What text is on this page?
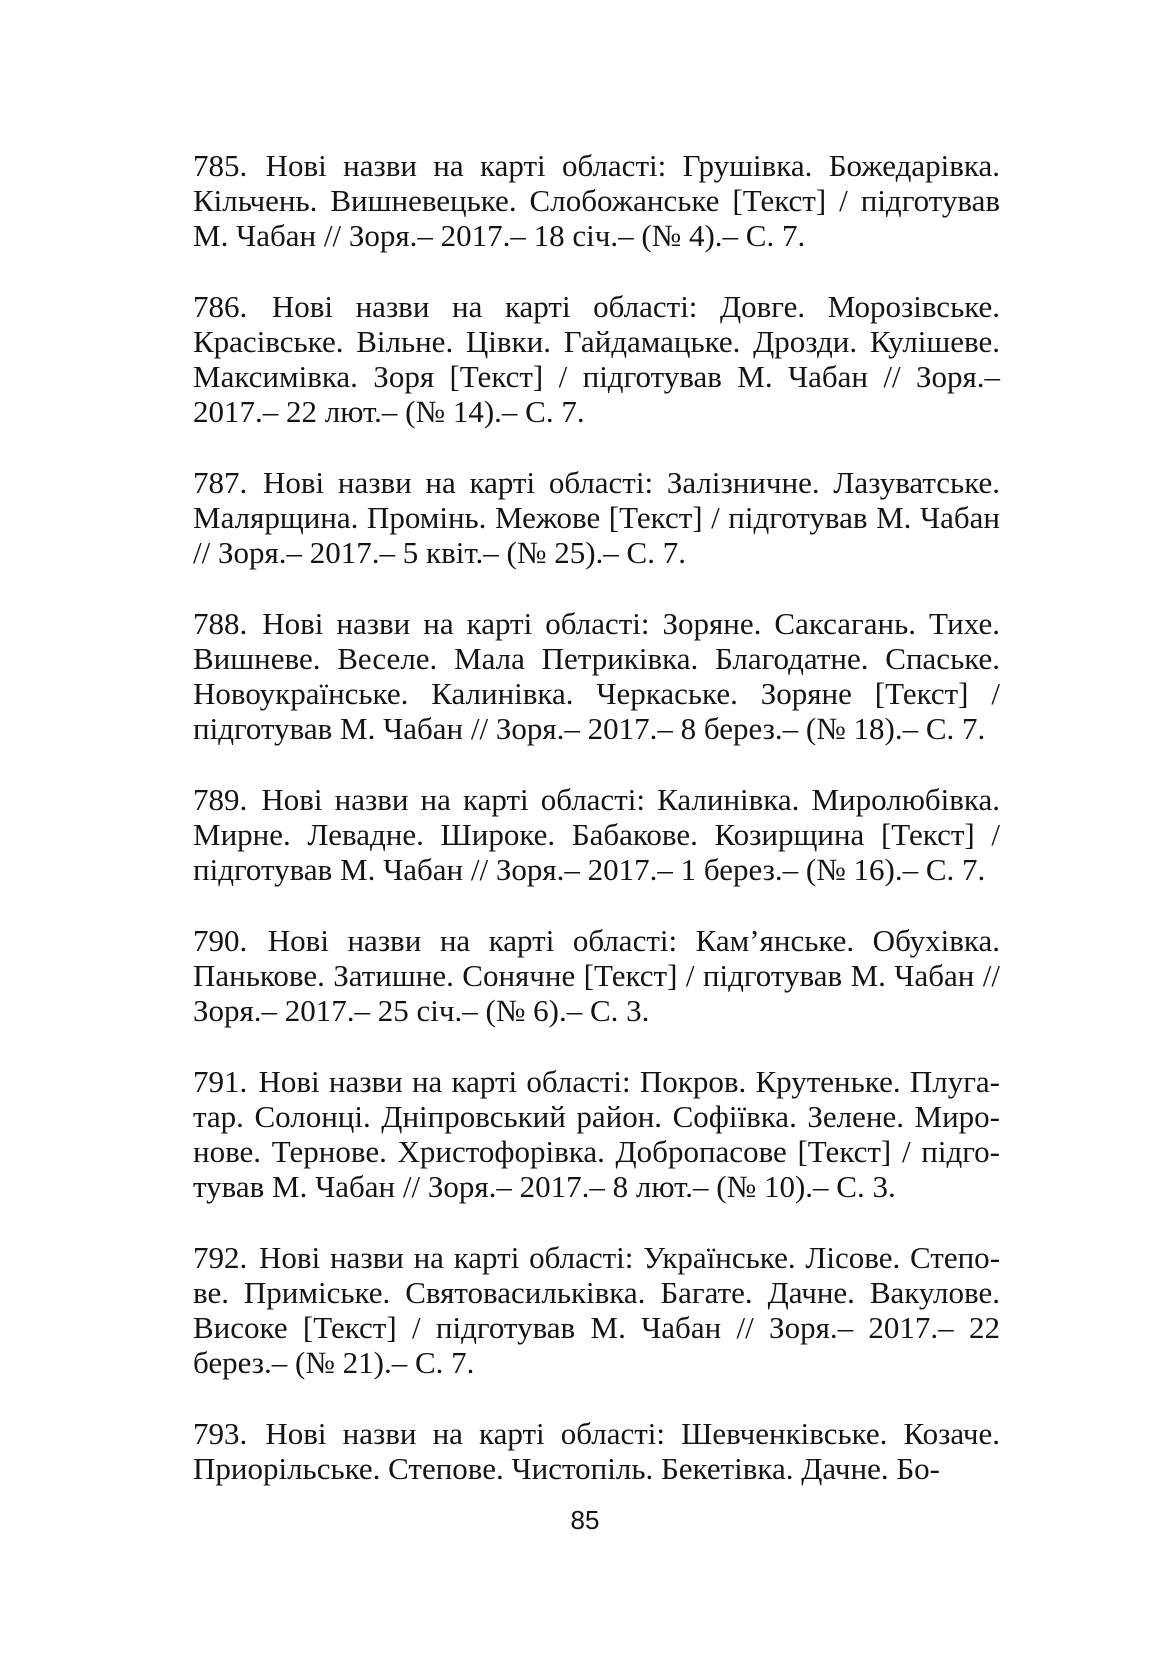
785. Нові назви на карті області: Грушівка. Божедарівка. Кільчень. Вишневецьке. Слобожанське [Текст] / підготував М. Чабан // Зоря.– 2017.– 18 січ.– (№ 4).– С. 7.

786. Нові назви на карті області: Довге. Морозівське. Красівське. Вільне. Цівки. Гайдамацьке. Дрозди. Кулішеве. Максимівка. Зоря [Текст] / підготував М. Чабан // Зоря.– 2017.– 22 лют.– (№ 14).– С. 7.

787. Нові назви на карті області: Залізничне. Лазуватське. Малярщина. Промінь. Межове [Текст] / підготував М. Чабан // Зоря.– 2017.– 5 квіт.– (№ 25).– С. 7.

788. Нові назви на карті області: Зоряне. Саксагань. Тихе. Вишневе. Веселе. Мала Петриківка. Благодатне. Спаське. Новоукраїнське. Калинівка. Черкаське. Зоряне [Текст] / підготував М. Чабан // Зоря.– 2017.– 8 берез.– (№ 18).– С. 7.

789. Нові назви на карті області: Калинівка. Миролюбівка. Мирне. Левадне. Широке. Бабакове. Козирщина [Текст] / підготував М. Чабан // Зоря.– 2017.– 1 берез.– (№ 16).– С. 7.

790. Нові назви на карті області: Кам’янське. Обухівка. Панькове. Затишне. Сонячне [Текст] / підготував М. Чабан // Зоря.– 2017.– 25 січ.– (№ 6).– С. 3.

791. Нові назви на карті області: Покров. Крутеньке. Плугатар. Солонці. Дніпровський район. Софіївка. Зелене. Миронове. Тернове. Христофорівка. Добропасове [Текст] / підготував М. Чабан // Зоря.– 2017.– 8 лют.– (№ 10).– С. 3.

792. Нові назви на карті області: Українське. Лісове. Степове. Приміське. Святовасильківка. Багате. Дачне. Вакулове. Високе [Текст] / підготував М. Чабан // Зоря.– 2017.– 22 берез.– (№ 21).– С. 7.

793. Нові назви на карті області: Шевченківське. Козаче. Приорільське. Степове. Чистопіль. Бекетівка. Дачне. Бо-

85
